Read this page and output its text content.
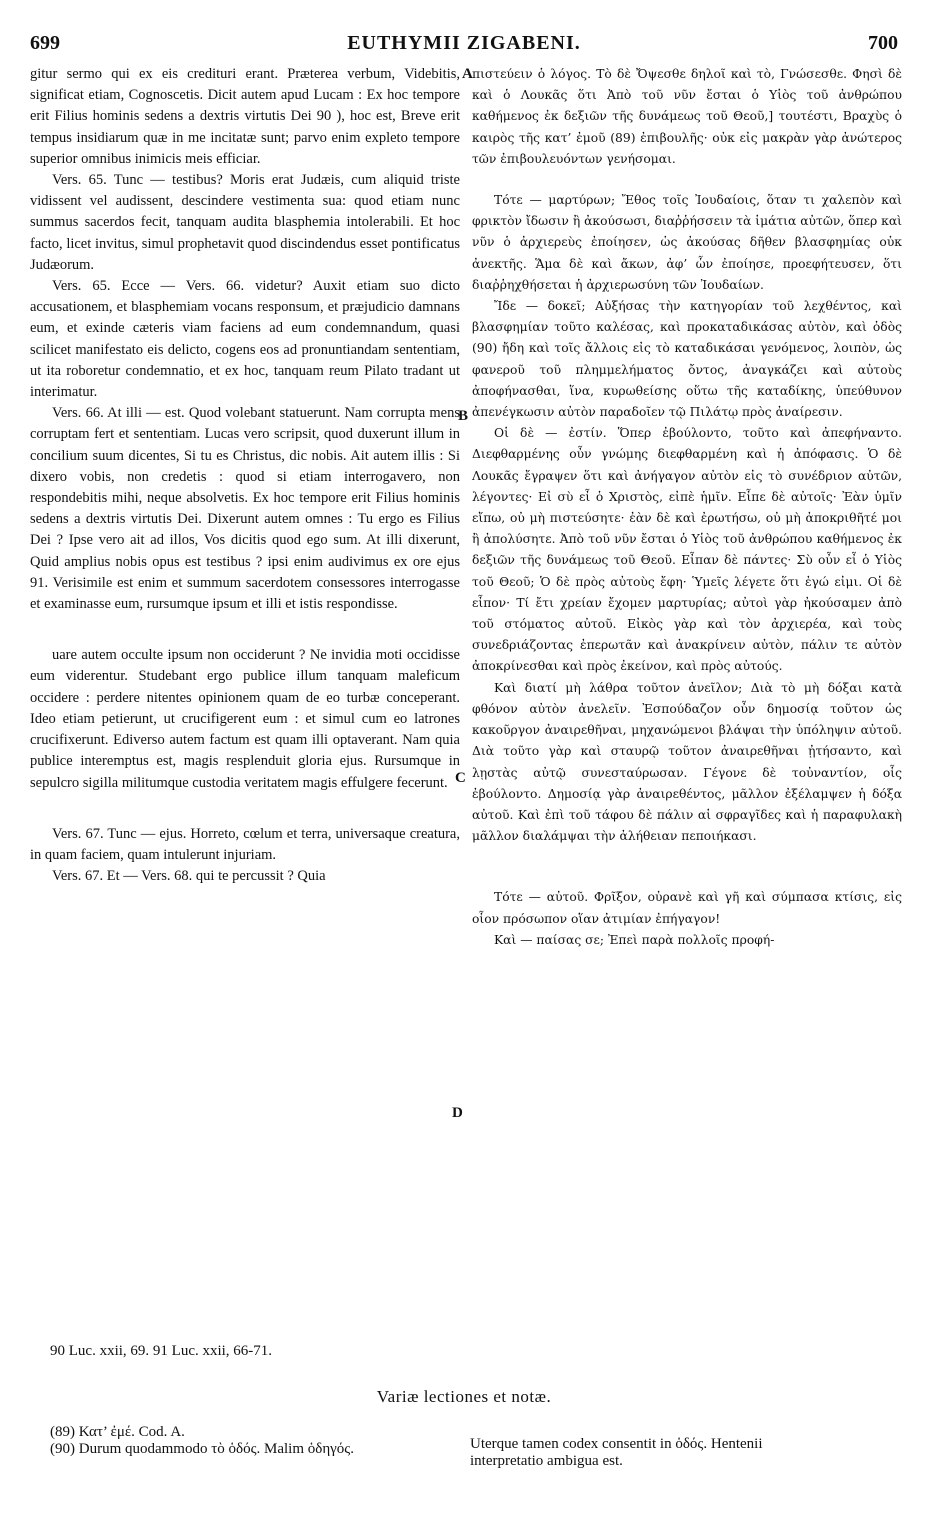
699	EUTHYMII ZIGABENI.	700

gitur sermo qui ex eis credituri erant. Præterea verbum, Videbitis, significat etiam, Cognoscetis. Dicit autem apud Lucam : Ex hoc tempore erit Filius hominis sedens a dextris virtutis Dei 90 ), hoc est, Breve erit tempus insidiarum quæ in me incitatæ sunt; parvo enim expleto tempore superior omnibus inimicis meis efficiar.

Vers. 65. Tunc — testibus? Moris erat Judæis, cum aliquid triste vidissent vel audissent, descindere vestimenta sua: quod etiam nunc summus sacerdos fecit, tanquam audita blasphemia intolerabili. Et hoc facto, licet invitus, simul prophetavit quod discindendus esset pontificatus Judæorum.

Vers. 65. Ecce — Vers. 66. videtur? Auxit etiam suo dicto accusationem, et blasphemiam vocans responsum, et præjudicio damnans eum, et exinde cæteris viam faciens ad eum condemnandum, quasi scilicet manifestato eis delicto, cogens eos ad pronuntiandam sententiam, ut ita roboretur condemnatio, et ex hoc, tanquam reum Pilato tradant ut interimatur.

Vers. 66. At illi — est. Quod volebant statuerunt. Nam corrupta mens corruptam fert et sententiam. Lucas vero scripsit, quod duxerunt illum in concilium suum dicentes, Si tu es Christus, dic nobis. Ait autem illis : Si dixero vobis, non credetis : quod si etiam interrogavero, non respondebitis mihi, neque absolvetis. Ex hoc tempore erit Filius hominis sedens a dextris virtutis Dei. Dixerunt autem omnes : Tu ergo es Filius Dei ? Ipse vero ait ad illos, Vos dicitis quod ego sum. At illi dixerunt, Quid amplius nobis opus est testibus ? ipsi enim audivimus ex ore ejus 91. Verisimile est enim et summum sacerdotem consessores interrogasse et examinasse eum, rursumque ipsum et illi et istis respondisse.

uare autem occulte ipsum non occiderunt ? Ne invidia moti occidisse eum viderentur. Studebant ergo publice illum tanquam maleficum occidere : perdere nitentes opinionem quam de eo turbæ conceperant. Ideo etiam petierunt, ut crucifigerent eum : et simul cum eo latrones crucifixerunt. Ediverso autem factum est quam illi optaverant. Nam quia publice interemptus est, magis resplenduit gloria ejus. Rursumque in sepulcro sigilla militumque custodia veritatem magis effulgere fecerunt.

Vers. 67. Tunc — ejus. Horreto, cœlum et terra, universaque creatura, in quam faciem, quam intulerunt injuriam.

Vers. 67. Et — Vers. 68. qui te percussit ? Quia

πιστεύειν ὁ λόγος. Τὸ δὲ Ὄψεσθε δηλοῖ καὶ τὸ, Γνώσεσθε. Φησὶ δὲ καὶ ὁ Λουκᾶς ὅτι Ἀπὸ τοῦ νῦν ἔσται ὁ Υἱὸς τοῦ ἀνθρώπου καθήμενος ἐκ δεξιῶν τῆς δυνάμεως τοῦ Θεοῦ,] τουτέστι, Βραχὺς ὁ καιρὸς τῆς κατ’ ἐμοῦ (89) ἐπιβουλῆς· οὐκ εἰς μακρὰν γὰρ ἀνώτερος τῶν ἐπιβουλευόντων γενήσομαι.

Τότε — μαρτύρων; Ἔθος τοῖς Ἰουδαίοις, ὅταν τι χαλεπὸν καὶ φρικτὸν ἴδωσιν ἢ ἀκούσωσι, διαῤῥήσσειν τὰ ἱμάτια αὐτῶν, ὅπερ καὶ νῦν ὁ ἀρχιερεὺς ἐποίησεν, ὡς ἀκούσας δῆθεν βλασφημίας οὐκ ἀνεκτῆς. Ἅμα δὲ καὶ ἄκων, ἀφ’ ὧν ἐποίησε, προεφήτευσεν, ὅτι διαῤῥηχθήσεται ἡ ἀρχιερωσύνη τῶν Ἰουδαίων.

Ἴδε — δοκεῖ; Αὐξήσας τὴν κατηγορίαν τοῦ λεχθέντος, καὶ βλασφημίαν τοῦτο καλέσας, καὶ προκαταδικάσας αὐτὸν, καὶ ὁδὸς (90) ἤδη καὶ τοῖς ἄλλοις εἰς τὸ καταδικάσαι γενόμενος, λοιπὸν, ὡς φανεροῦ τοῦ πλημμελήματος ὄντος, ἀναγκάζει καὶ αὐτοὺς ἀποφήνασθαι, ἵνα, κυρωθείσης οὕτω τῆς καταδίκης, ὑπεύθυνον ἀπενέγκωσιν αὐτὸν παραδοῖεν τῷ Πιλάτῳ πρὸς ἀναίρεσιν.

Οἱ δὲ — ἐστίν. Ὅπερ ἐβούλοντο, τοῦτο καὶ ἀπεφήναντο. Διεφθαρμένης οὖν γνώμης διεφθαρμένη καὶ ἡ ἀπόφασις. Ὁ δὲ Λουκᾶς ἔγραψεν ὅτι καὶ ἀνήγαγον αὐτὸν εἰς τὸ συνέδριον αὐτῶν, λέγοντες· Εἰ σὺ εἶ ὁ Χριστὸς, εἰπὲ ἡμῖν. Εἶπε δὲ αὐτοῖς· Ἐὰν ὑμῖν εἴπω, οὐ μὴ πιστεύσητε· ἐὰν δὲ καὶ ἐρωτήσω, οὐ μὴ ἀποκριθῆτέ μοι ἢ ἀπολύσητε. Ἀπὸ τοῦ νῦν ἔσται ὁ Υἱὸς τοῦ ἀνθρώπου καθήμενος ἐκ δεξιῶν τῆς δυνάμεως τοῦ Θεοῦ. Εἶπαν δὲ πάντες· Σὺ οὖν εἶ ὁ Υἱὸς τοῦ Θεοῦ; Ὁ δὲ πρὸς αὐτοὺς ἔφη· Ὑμεῖς λέγετε ὅτι ἐγώ εἰμι. Οἱ δὲ εἶπον· Τί ἔτι χρείαν ἔχομεν μαρτυρίας; αὐτοὶ γὰρ ἠκούσαμεν ἀπὸ τοῦ στόματος αὐτοῦ. Εἰκὸς γὰρ καὶ τὸν ἀρχιερέα, καὶ τοὺς συνεδριάζοντας ἐπερωτᾶν καὶ ἀνακρίνειν αὐτὸν, πάλιν τε αὐτὸν ἀποκρίνεσθαι καὶ πρὸς ἐκείνον, καὶ πρὸς αὐτούς.

Καὶ διατί μὴ λάθρα τοῦτον ἀνεῖλον; Διὰ τὸ μὴ δόξαι κατὰ φθόνον αὐτὸν ἀνελεῖν. Ἐσπούδαζον οὖν δημοσίᾳ τοῦτον ὡς κακοῦργον ἀναιρεθῆναι, μηχανώμενοι βλάψαι τὴν ὑπόληψιν αὐτοῦ. Διὰ τοῦτο γὰρ καὶ σταυρῷ τοῦτον ἀναιρεθῆναι ᾐτήσαντο, καὶ λῃστὰς αὐτῷ συνεσταύρωσαν. Γέγονε δὲ τοὐναντίον, οἷς ἐβούλοντο. Δημοσίᾳ γὰρ ἀναιρεθέντος, μᾶλλον ἐξέλαμψεν ἡ δόξα αὐτοῦ. Καὶ ἐπὶ τοῦ τάφου δὲ πάλιν αἱ σφραγῖδες καὶ ἡ παραφυλακὴ μᾶλλον διαλάμψαι τὴν ἀλήθειαν πεποιήκασι.

Τότε — αὐτοῦ. Φρῖξον, οὐρανὲ καὶ γῆ καὶ σύμπασα κτίσις, εἰς οἷον πρόσωπον οἵαν ἀτιμίαν ἐπήγαγον!

Καὶ — παίσας σε; Ἐπεὶ παρὰ πολλοῖς προφή-

A
B
C
D
90 Luc. xxii, 69. 91 Luc. xxii, 66-71.
Variæ lectiones et notæ.
(89) Κατ’ ἐμέ. Cod. A.
(90) Durum quodammodo τὸ ὁδός. Malim ὁδηγός.	Uterque tamen codex consentit in ὁδός. Hentenii
interpretatio ambigua est.
